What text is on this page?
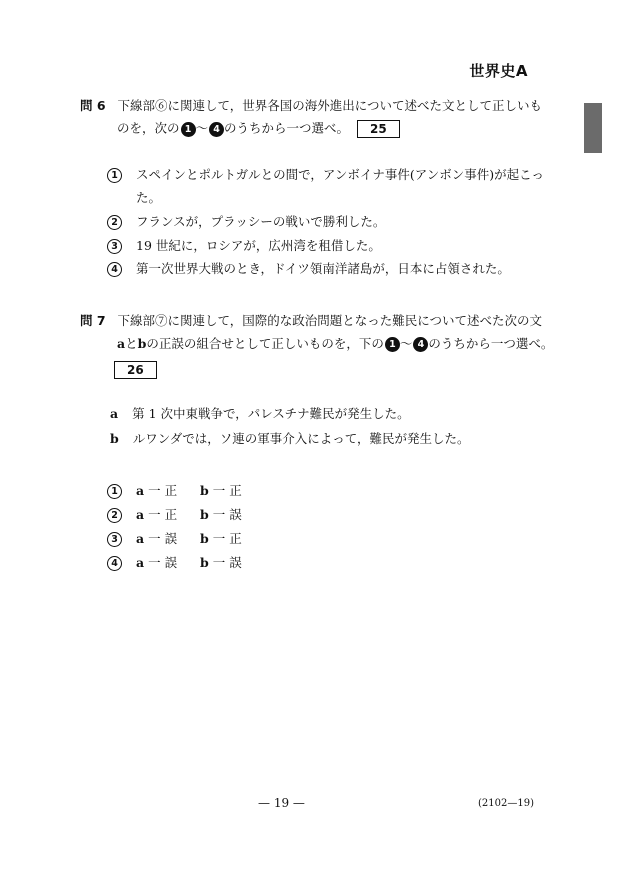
世界史A
問 6 下線部⑥に関連して，世界各国の海外進出について述べた文として正しいも
のを，次の 1 ～ 4 のうちから一つ選べ。 25
1 スペインとポルトガルとの間で，アンボイナ事件(アンボン事件)が起こっ
た。
2 フランスが，プラッシーの戦いで勝利した。
3 19 世紀に，ロシアが，広州湾を租借した。
4 第一次世界大戦のとき，ドイツ領南洋諸島が，日本に占領された。
問 7 下線部⑦に関連して，国際的な政治問題となった難民について述べた次の文
aとbの正誤の組合せとして正しいものを，下の 1 ～ 4 のうちから一つ選べ。
26
a 第 1 次中東戦争で，パレスチナ難民が発生した。
b ルワンダでは，ソ連の軍事介入によって，難民が発生した。
1 a 一 正 b 一 正
2 a 一 正 b 一 誤
3 a 一 誤 b 一 正
4 a 一 誤 b 一 誤
— 19 —	(2102—19)
